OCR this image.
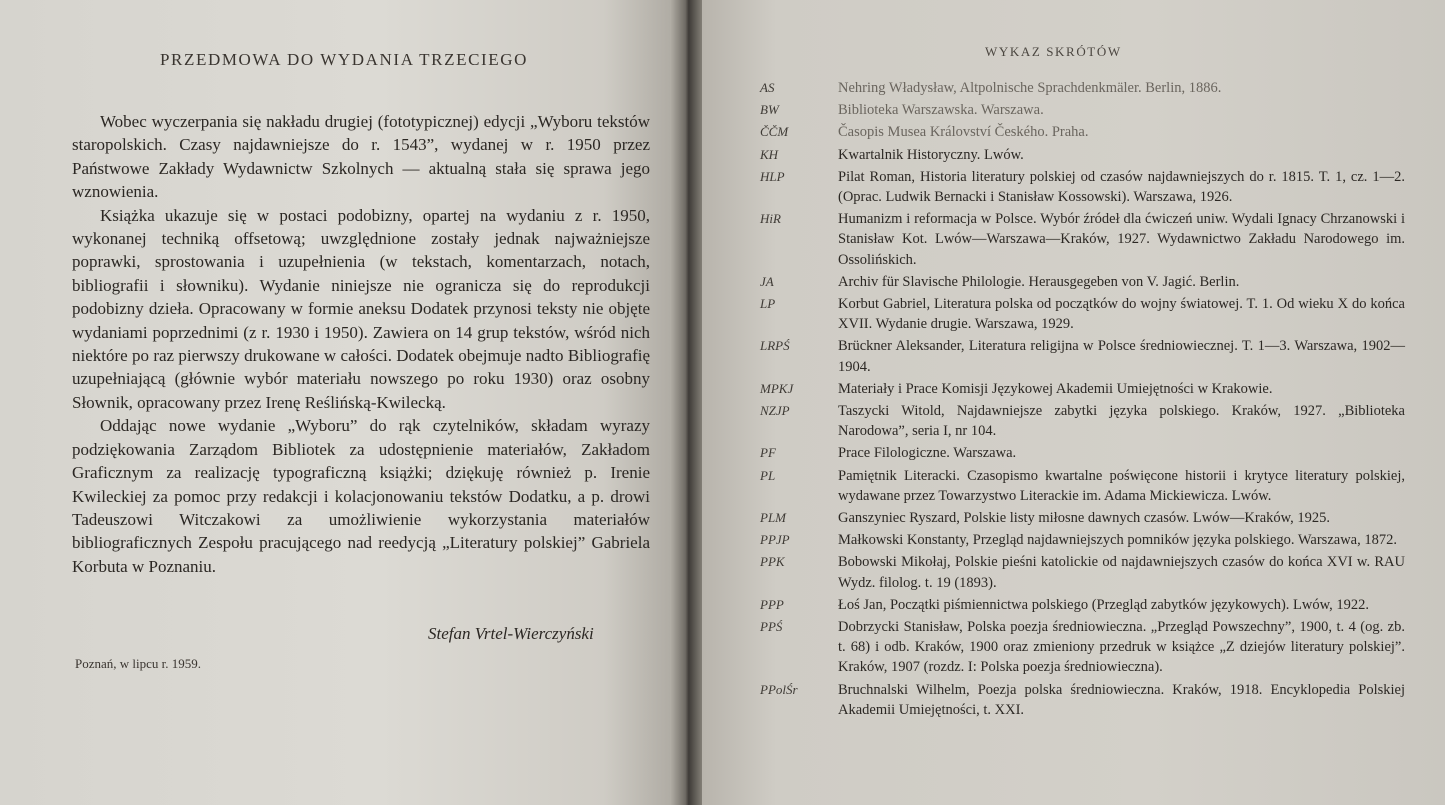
PRZEDMOWA DO WYDANIA TRZECIEGO

Wobec wyczerpania się nakładu drugiej (fototypicznej) edycji „Wyboru tekstów staropolskich. Czasy najdawniejsze do r. 1543”, wydanej w r. 1950 przez Państwowe Zakłady Wydawnictw Szkolnych — aktualną stała się sprawa jego wznowienia.

Książka ukazuje się w postaci podobizny, opartej na wydaniu z r. 1950, wykonanej techniką offsetową; uwzględnione zostały jednak najważniejsze poprawki, sprostowania i uzupełnienia (w tekstach, komentarzach, notach, bibliografii i słowniku). Wydanie niniejsze nie ogranicza się do reprodukcji podobizny dzieła. Opracowany w formie aneksu Dodatek przynosi teksty nie objęte wydaniami poprzednimi (z r. 1930 i 1950). Zawiera on 14 grup tekstów, wśród nich niektóre po raz pierwszy drukowane w całości. Dodatek obejmuje nadto Bibliografię uzupełniającą (głównie wybór materiału nowszego po roku 1930) oraz osobny Słownik, opracowany przez Irenę Reślińską-Kwilecką.

Oddając nowe wydanie „Wyboru” do rąk czytelników, składam wyrazy podziękowania Zarządom Bibliotek za udostępnienie materiałów, Zakładom Graficznym za realizację typograficzną książki; dziękuję również p. Irenie Kwileckiej za pomoc przy redakcji i kolacjonowaniu tekstów Dodatku, a p. drowi Tadeuszowi Witczakowi za umożliwienie wykorzystania materiałów bibliograficznych Zespołu pracującego nad reedycją „Literatury polskiej” Gabriela Korbuta w Poznaniu.

Stefan Vrtel-Wierczyński
Poznań, w lipcu r. 1959.
WYKAZ SKRÓTÓW
AS	Nehring Władysław, Altpolnische Sprachdenkmäler. Berlin, 1886.
BW	Biblioteka Warszawska. Warszawa.
ČČM	Časopis Musea Království Českého. Praha.
KH	Kwartalnik Historyczny. Lwów.
HLP	Pilat Roman, Historia literatury polskiej od czasów najdawniejszych do r. 1815. T. 1, cz. 1—2. (Oprac. Ludwik Bernacki i Stanisław Kossowski). Warszawa, 1926.
HiR	Humanizm i reformacja w Polsce. Wybór źródeł dla ćwiczeń uniw. Wydali Ignacy Chrzanowski i Stanisław Kot. Lwów—Warszawa—Kraków, 1927. Wydawnictwo Zakładu Narodowego im. Ossolińskich.
JA	Archiv für Slavische Philologie. Herausgegeben von V. Jagić. Berlin.
LP	Korbut Gabriel, Literatura polska od początków do wojny światowej. T. 1. Od wieku X do końca XVII. Wydanie drugie. Warszawa, 1929.
LRPŚ	Brückner Aleksander, Literatura religijna w Polsce średniowiecznej. T. 1—3. Warszawa, 1902—1904.
MPKJ	Materiały i Prace Komisji Językowej Akademii Umiejętności w Krakowie.
NZJP	Taszycki Witold, Najdawniejsze zabytki języka polskiego. Kraków, 1927. „Biblioteka Narodowa”, seria I, nr 104.
PF	Prace Filologiczne. Warszawa.
PL	Pamiętnik Literacki. Czasopismo kwartalne poświęcone historii i krytyce literatury polskiej, wydawane przez Towarzystwo Literackie im. Adama Mickiewicza. Lwów.
PLM	Ganszyniec Ryszard, Polskie listy miłosne dawnych czasów. Lwów—Kraków, 1925.
PPJP	Małkowski Konstanty, Przegląd najdawniejszych pomników języka polskiego. Warszawa, 1872.
PPK	Bobowski Mikołaj, Polskie pieśni katolickie od najdawniejszych czasów do końca XVI w. RAU Wydz. filolog. t. 19 (1893).
PPP	Łoś Jan, Początki piśmiennictwa polskiego (Przegląd zabytków językowych). Lwów, 1922.
PPŚ	Dobrzycki Stanisław, Polska poezja średniowieczna. „Przegląd Powszechny”, 1900, t. 4 (og. zb. t. 68) i odb. Kraków, 1900 oraz zmieniony przedruk w książce „Z dziejów literatury polskiej”. Kraków, 1907 (rozdz. I: Polska poezja średniowieczna).
PPolŚr	Bruchnalski Wilhelm, Poezja polska średniowieczna. Kraków, 1918. Encyklopedia Polskiej Akademii Umiejętności, t. XXI.
